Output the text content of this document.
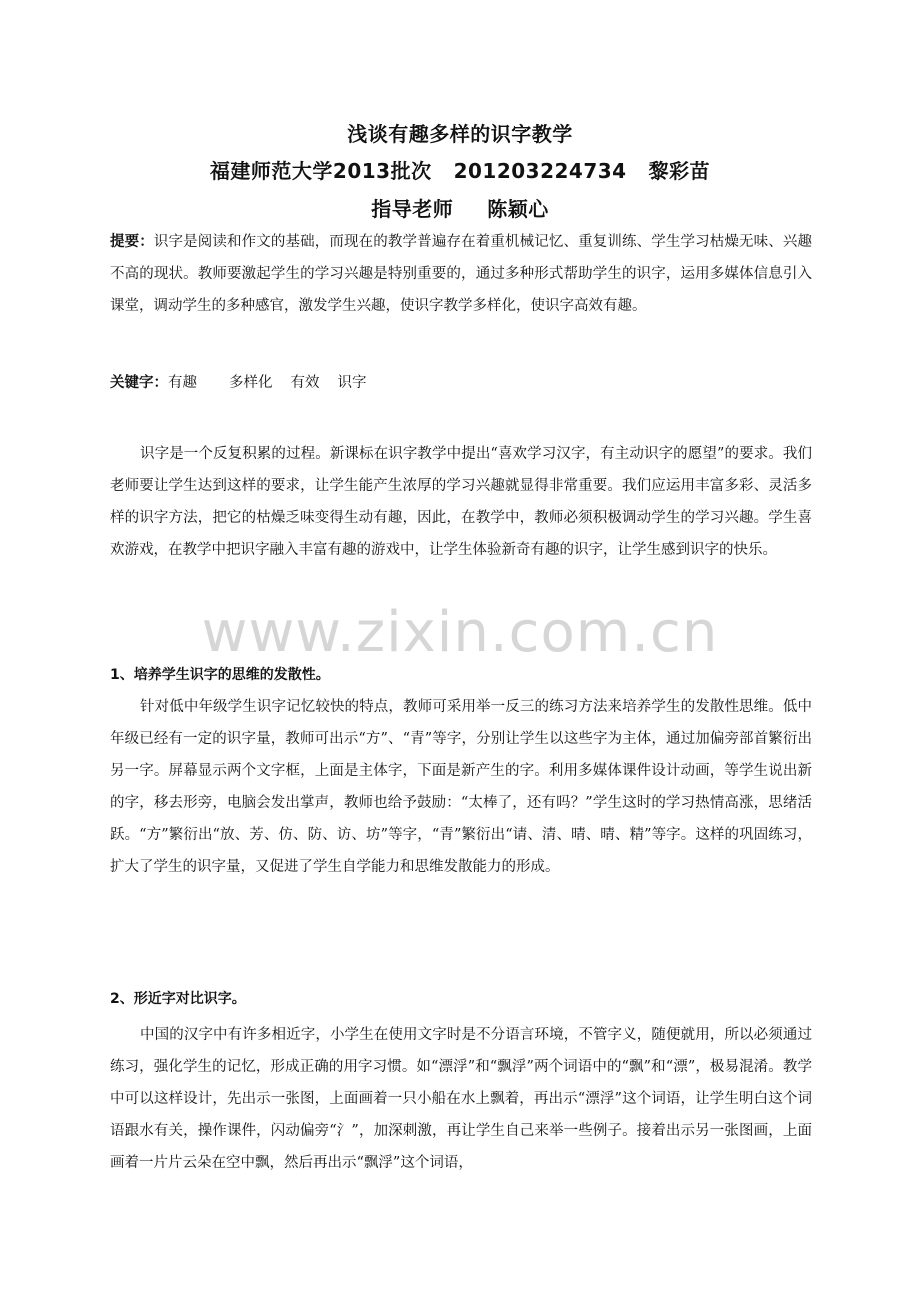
浅谈有趣多样的识字教学
福建师范大学2013批次 201203224734 黎彩苗
指导老师 陈颖心
提要：识字是阅读和作文的基础，而现在的教学普遍存在着重机械记忆、重复训练、学生学习枯燥无味、兴趣不高的现状。教师要激起学生的学习兴趣是特别重要的，通过多种形式帮助学生的识字，运用多媒体信息引入课堂，调动学生的多种感官，激发学生兴趣，使识字教学多样化，使识字高效有趣。
关键字：有趣 多样化 有效 识字
识字是一个反复积累的过程。新课标在识字教学中提出“喜欢学习汉字，有主动识字的愿望”的要求。我们老师要让学生达到这样的要求，让学生能产生浓厚的学习兴趣就显得非常重要。我们应运用丰富多彩、灵活多样的识字方法，把它的枯燥乏味变得生动有趣，因此，在教学中，教师必须积极调动学生的学习兴趣。学生喜欢游戏，在教学中把识字融入丰富有趣的游戏中，让学生体验新奇有趣的识字，让学生感到识字的快乐。
www.zixin.com.cn
1、培养学生识字的思维的发散性。
针对低中年级学生识字记忆较快的特点，教师可采用举一反三的练习方法来培养学生的发散性思维。低中年级已经有一定的识字量，教师可出示“方”、“青”等字，分别让学生以这些字为主体，通过加偏旁部首繁衍出另一字。屏幕显示两个文字框，上面是主体字，下面是新产生的字。利用多媒体课件设计动画，等学生说出新的字，移去形旁，电脑会发出掌声，教师也给予鼓励：“太棒了，还有吗？”学生这时的学习热情高涨，思绪活跃。“方”繁衍出“放、芳、仿、防、访、坊”等字，“青”繁衍出“请、清、晴、晴、精”等字。这样的巩固练习，扩大了学生的识字量，又促进了学生自学能力和思维发散能力的形成。
2、形近字对比识字。
中国的汉字中有许多相近字，小学生在使用文字时是不分语言环境，不管字义，随便就用，所以必须通过练习，强化学生的记忆，形成正确的用字习惯。如“漂浮”和“飘浮”两个词语中的“飘”和“漂”，极易混淆。教学中可以这样设计，先出示一张图，上面画着一只小船在水上飘着，再出示“漂浮”这个词语，让学生明白这个词语跟水有关，操作课件，闪动偏旁“氵”，加深刺激，再让学生自己来举一些例子。接着出示另一张图画，上面画着一片片云朵在空中飘，然后再出示“飘浮”这个词语，
